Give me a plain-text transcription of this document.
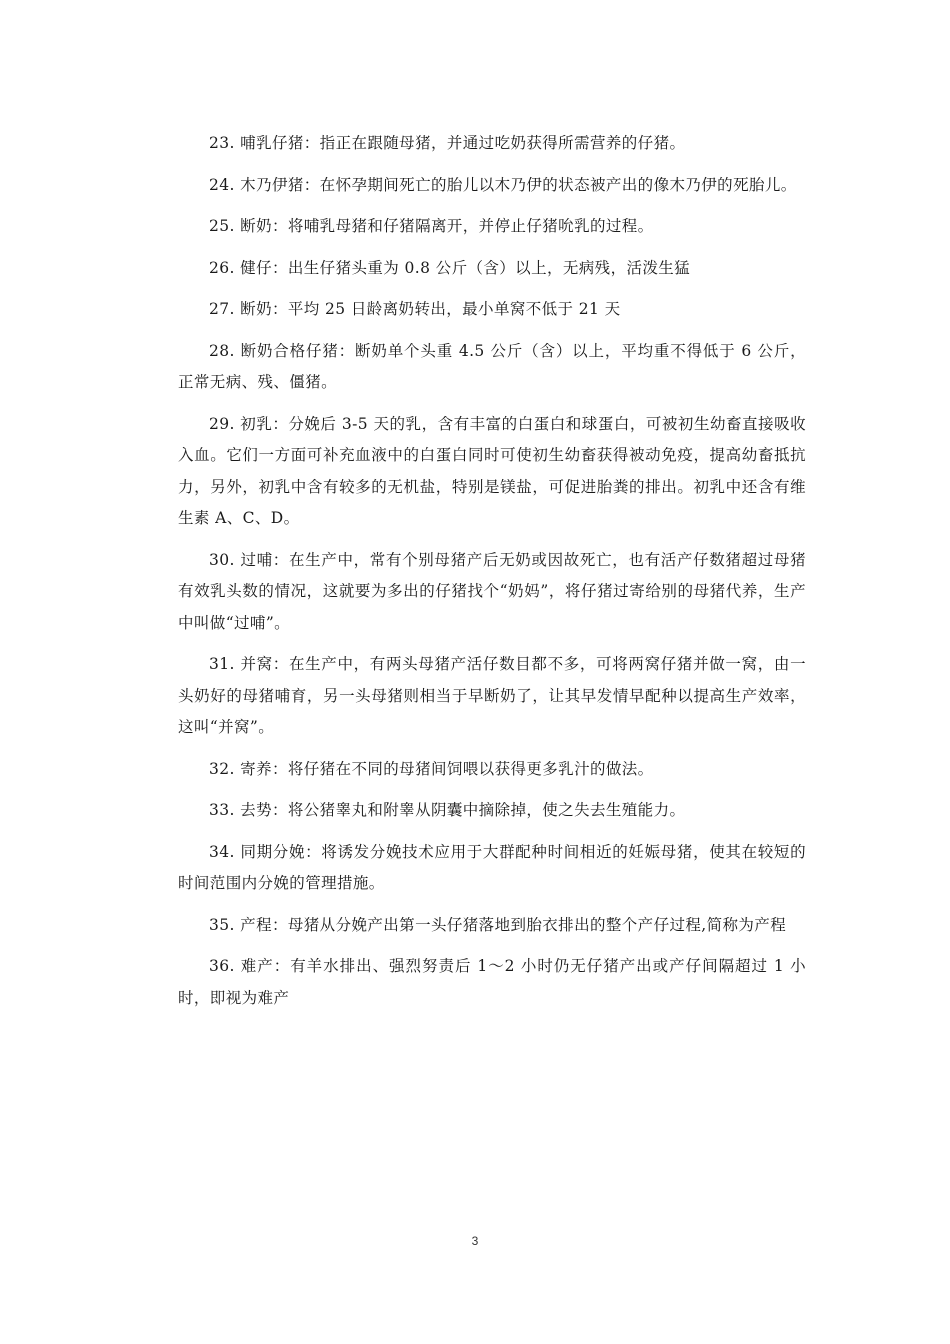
23. 哺乳仔猪：指正在跟随母猪，并通过吃奶获得所需营养的仔猪。

24. 木乃伊猪：在怀孕期间死亡的胎儿以木乃伊的状态被产出的像木乃伊的死胎儿。

25. 断奶：将哺乳母猪和仔猪隔离开，并停止仔猪吮乳的过程。

26. 健仔：出生仔猪头重为 0.8 公斤（含）以上，无病残，活泼生猛

27. 断奶：平均 25 日龄离奶转出，最小单窝不低于 21 天

28. 断奶合格仔猪：断奶单个头重 4.5 公斤（含）以上，平均重不得低于 6 公斤，正常无病、残、僵猪。

29. 初乳：分娩后 3-5 天的乳，含有丰富的白蛋白和球蛋白，可被初生幼畜直接吸收入血。它们一方面可补充血液中的白蛋白同时可使初生幼畜获得被动免疫，提高幼畜抵抗力，另外，初乳中含有较多的无机盐，特别是镁盐，可促进胎粪的排出。初乳中还含有维生素 A、C、D。

30. 过哺：在生产中，常有个别母猪产后无奶或因故死亡，也有活产仔数猪超过母猪有效乳头数的情况，这就要为多出的仔猪找个“奶妈”，将仔猪过寄给别的母猪代养，生产中叫做“过哺”。

31. 并窝：在生产中，有两头母猪产活仔数目都不多，可将两窝仔猪并做一窝，由一头奶好的母猪哺育，另一头母猪则相当于早断奶了，让其早发情早配种以提高生产效率，这叫“并窝”。

32. 寄养：将仔猪在不同的母猪间饲喂以获得更多乳汁的做法。

33. 去势：将公猪睾丸和附睾从阴囊中摘除掉，使之失去生殖能力。

34. 同期分娩：将诱发分娩技术应用于大群配种时间相近的妊娠母猪，使其在较短的时间范围内分娩的管理措施。

35. 产程：母猪从分娩产出第一头仔猪落地到胎衣排出的整个产仔过程,简称为产程

36. 难产：有羊水排出、强烈努责后 1～2 小时仍无仔猪产出或产仔间隔超过 1 小时，即视为难产

3
